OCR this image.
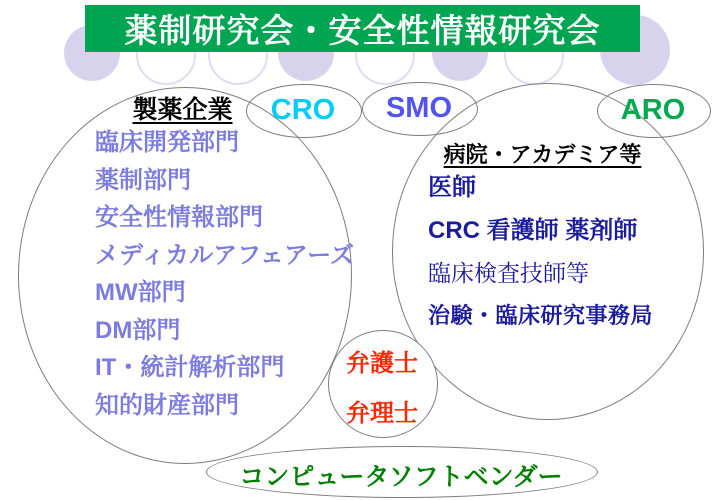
薬制研究会・安全性情報研究会
製薬企業
臨床開発部門
薬制部門
安全性情報部門
メディカルアフェアーズ
MW部門
DM部門
IT・統計解析部門
知的財産部門
CRO	SMO	ARO
病院・アカデミア等
医師
CRC 看護師 薬剤師
臨床検査技師等
治験・臨床研究事務局
弁護士
弁理士
コンピュータソフトベンダー
